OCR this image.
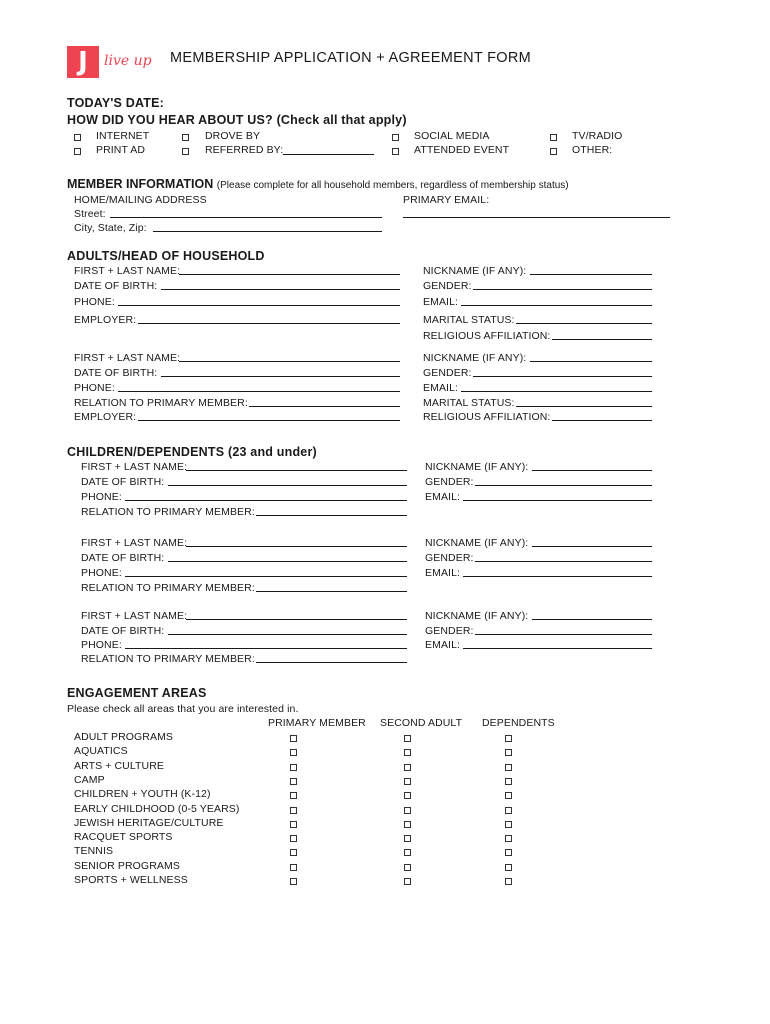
J	live up MEMBERSHIP APPLICATION + AGREEMENT FORM
TODAY'S DATE:
HOW DID YOU HEAR ABOUT US? (Check all that apply)
INTERNET
PRINT AD
DROVE BY
REFERRED BY:
SOCIAL MEDIA
ATTENDED EVENT
TV/RADIO
OTHER:
MEMBER INFORMATION (Please complete for all household members, regardless of membership status)
HOME/MAILING ADDRESS	PRIMARY EMAIL:
Street:
City, State, Zip:
ADULTS/HEAD OF HOUSEHOLD
FIRST + LAST NAME:
DATE OF BIRTH:
PHONE:
EMPLOYER:
NICKNAME (IF ANY):
GENDER:
EMAIL:
MARITAL STATUS:
RELIGIOUS AFFILIATION:
FIRST + LAST NAME:
DATE OF BIRTH:
PHONE:
RELATION TO PRIMARY MEMBER:
EMPLOYER:
NICKNAME (IF ANY):
GENDER:
EMAIL:
MARITAL STATUS:
RELIGIOUS AFFILIATION:
CHILDREN/DEPENDENTS (23 and under)
FIRST + LAST NAME:
DATE OF BIRTH:
PHONE:
RELATION TO PRIMARY MEMBER:
NICKNAME (IF ANY):
GENDER:
EMAIL:
FIRST + LAST NAME:
DATE OF BIRTH:
PHONE:
RELATION TO PRIMARY MEMBER:
NICKNAME (IF ANY):
GENDER:
EMAIL:
FIRST + LAST NAME:
DATE OF BIRTH:
PHONE:
RELATION TO PRIMARY MEMBER:
NICKNAME (IF ANY):
GENDER:
EMAIL:
ENGAGEMENT AREAS
Please check all areas that you are interested in.
PRIMARY MEMBER SECOND ADULT DEPENDENTS
ADULT PROGRAMS
AQUATICS
ARTS + CULTURE
CAMP
CHILDREN + YOUTH (K-12)
EARLY CHILDHOOD (0-5 YEARS)
JEWISH HERITAGE/CULTURE
RACQUET SPORTS
TENNIS
SENIOR PROGRAMS
SPORTS + WELLNESS
